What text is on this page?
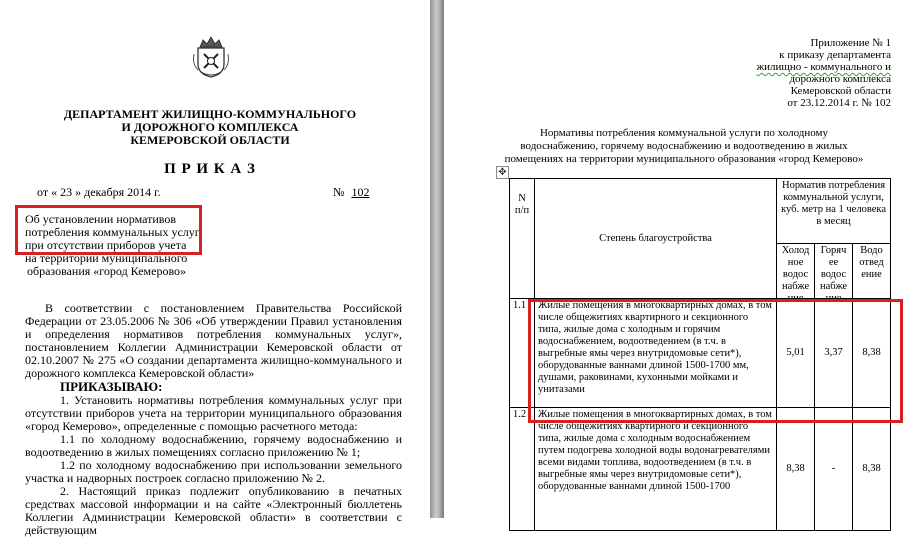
ДЕПАРТАМЕНТ ЖИЛИЩНО-КОММУНАЛЬНОГО
И ДОРОЖНОГО КОМПЛЕКСА
КЕМЕРОВСКОЙ ОБЛАСТИ
П Р И К А З
от « 23 » декабря 2014 г.	№ 102
Об установлении нормативов
потребления коммунальных услуг
при отсутствии приборов учета
на территории муниципального
образования «город Кемерово»
В соответствии с постановлением Правительства Российской Федерации от 23.05.2006 № 306 «Об утверждении Правил установления и определения нормативов потребления коммунальных услуг», постановлением Коллегии Администрации Кемеровской области от 02.10.2007 № 275 «О создании департамента жилищно-коммунального и дорожного комплекса Кемеровской области»
ПРИКАЗЫВАЮ:
1. Установить нормативы потребления коммунальных услуг при отсутствии приборов учета на территории муниципального образования «город Кемерово», определенные с помощью расчетного метода:
1.1 по холодному водоснабжению, горячему водоснабжению и водоотведению в жилых помещениях согласно приложению № 1;
1.2 по холодному водоснабжению при использовании земельного участка и надворных построек согласно приложению № 2.
2. Настоящий приказ подлежит опубликованию в печатных средствах массовой информации и на сайте «Электронный бюллетень Коллегии Администрации Кемеровской области» в соответствии с действующим
Приложение № 1
к приказу департамента
жилищно - коммунального и
дорожного комплекса
Кемеровской области
от 23.12.2014 г. № 102
Нормативы потребления коммунальной услуги по холодному
водоснабжению, горячему водоснабжению и водоотведению в жилых
помещениях на территории муниципального образования «город Кемерово»
✥
N п/п	Степень благоустройства	Норматив потребления коммунальной услуги, куб. метр на 1 человека в месяц		

		Холод ное водос набже ние	Горяч ее водос набже ние	Водо отвед ение

1.1	Жилые помещения в многоквартирных домах, в том числе общежитиях квартирного и секционного типа, жилые дома с холодным и горячим водоснабжением, водоотведением (в т.ч. в выгребные ямы через внутридомовые сети*), оборудованные ваннами длиной 1500-1700 мм, душами, раковинами, кухонными мойками и унитазами	5,01	3,37	8,38
1.2	Жилые помещения в многоквартирных домах, в том числе общежитиях квартирного и секционного типа, жилые дома с холодным водоснабжением путем подогрева холодной воды водонагревателями всеми видами топлива, водоотведением (в т.ч. в выгребные ямы через внутридомовые сети*), оборудованные ваннами длиной 1500-1700	8,38	-	8,38
